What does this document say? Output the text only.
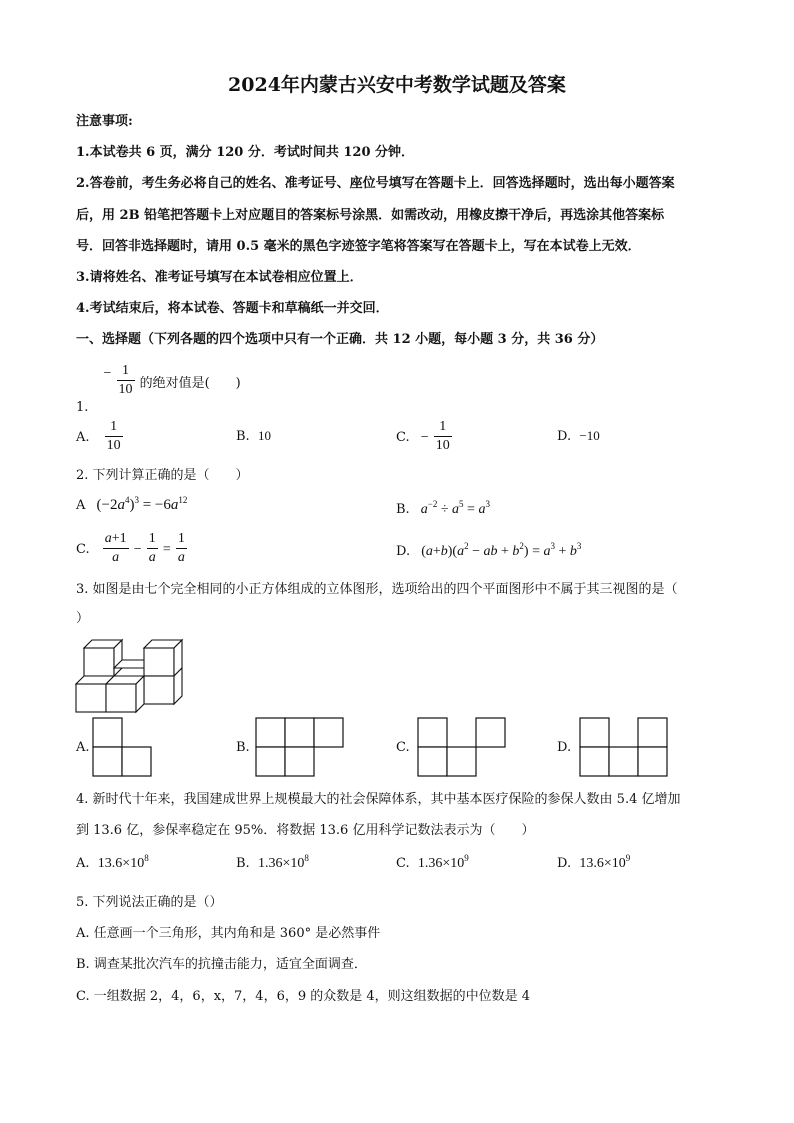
2024年内蒙古兴安中考数学试题及答案
注意事项:
1.本试卷共 6 页，满分 120 分．考试时间共 120 分钟．
2.答卷前，考生务必将自己的姓名、准考证号、座位号填写在答题卡上．回答选择题时，选出每小题答案
后，用 2B 铅笔把答题卡上对应题目的答案标号涂黑．如需改动，用橡皮擦干净后，再选涂其他答案标
号．回答非选择题时，请用 0.5 毫米的黑色字迹签字笔将答案写在答题卡上，写在本试卷上无效．
3.请将姓名、准考证号填写在本试卷相应位置上．
4.考试结束后，将本试卷、答题卡和草稿纸一并交回．
一、选择题（下列各题的四个选项中只有一个正确．共 12 小题，每小题 3 分，共 36 分）
$_{1.} - \frac{1}{10}$ 的绝对值是(　　)
A. $\frac{1}{10}$	B. 10	C. − $\frac{1}{10}$	D. −10
2. 下列计算正确的是（　　）
A $(-2a^4)^3 = -6a^{12}$
B. $a^{-2} \div a^5 = a^3$
C. $\frac{a+1}{a} - \frac{1}{a} = \frac{1}{a}$	D. $(a+b)(a^2$ − ab + $b^2) = a^3 + b^3$
3. 如图是由七个完全相同的小正方体组成的立体图形，选项给出的四个平面图形中不属于其三视图的是（
）
A.	B.	C.	D.
4. 新时代十年来，我国建成世界上规模最大的社会保障体系，其中基本医疗保险的参保人数由 5.4 亿增加
到 13.6 亿，参保率稳定在 95%．将数据 13.6 亿用科学记数法表示为（　　）
A. $13.6\times 10^8$	B. $1.36\times 10^8$	C. $1.36\times 10^9$	D. $13.6\times 10^9$
5. 下列说法正确的是（）
A. 任意画一个三角形，其内角和是 360° 是必然事件
B. 调查某批次汽车的抗撞击能力，适宜全面调查．
C. 一组数据 2，4，6，x，7，4，6，9 的众数是 4，则这组数据的中位数是 4
